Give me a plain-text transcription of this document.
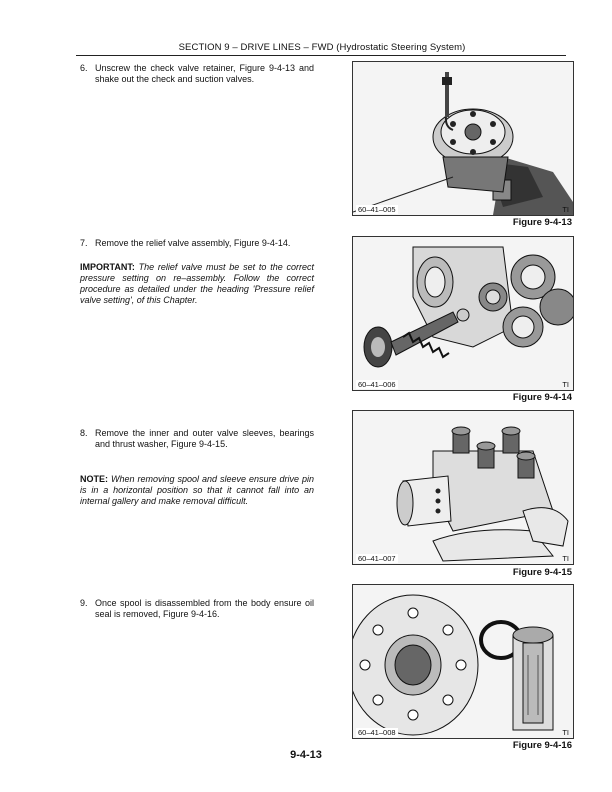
SECTION 9 – DRIVE LINES – FWD (Hydrostatic Steering System)
6. Unscrew the check valve retainer, Figure 9-4-13 and shake out the check and suction valves.
60–41–005	TI
Figure 9-4-13
7. Remove the relief valve assembly, Figure 9-4-14.
IMPORTANT: The relief valve must be set to the correct pressure setting on re–assembly. Follow the correct procedure as detailed under the heading 'Pressure relief valve setting', of this Chapter.
60–41–006	TI
Figure 9-4-14
8. Remove the inner and outer valve sleeves, bearings and thrust washer, Figure 9-4-15.
NOTE: When removing spool and sleeve ensure drive pin is in a horizontal position so that it cannot fall into an internal gallery and make removal difficult.
60–41–007	TI
Figure 9-4-15
9. Once spool is disassembled from the body ensure oil seal is removed, Figure 9-4-16.
60–41–008	TI
Figure 9-4-16
9-4-13
